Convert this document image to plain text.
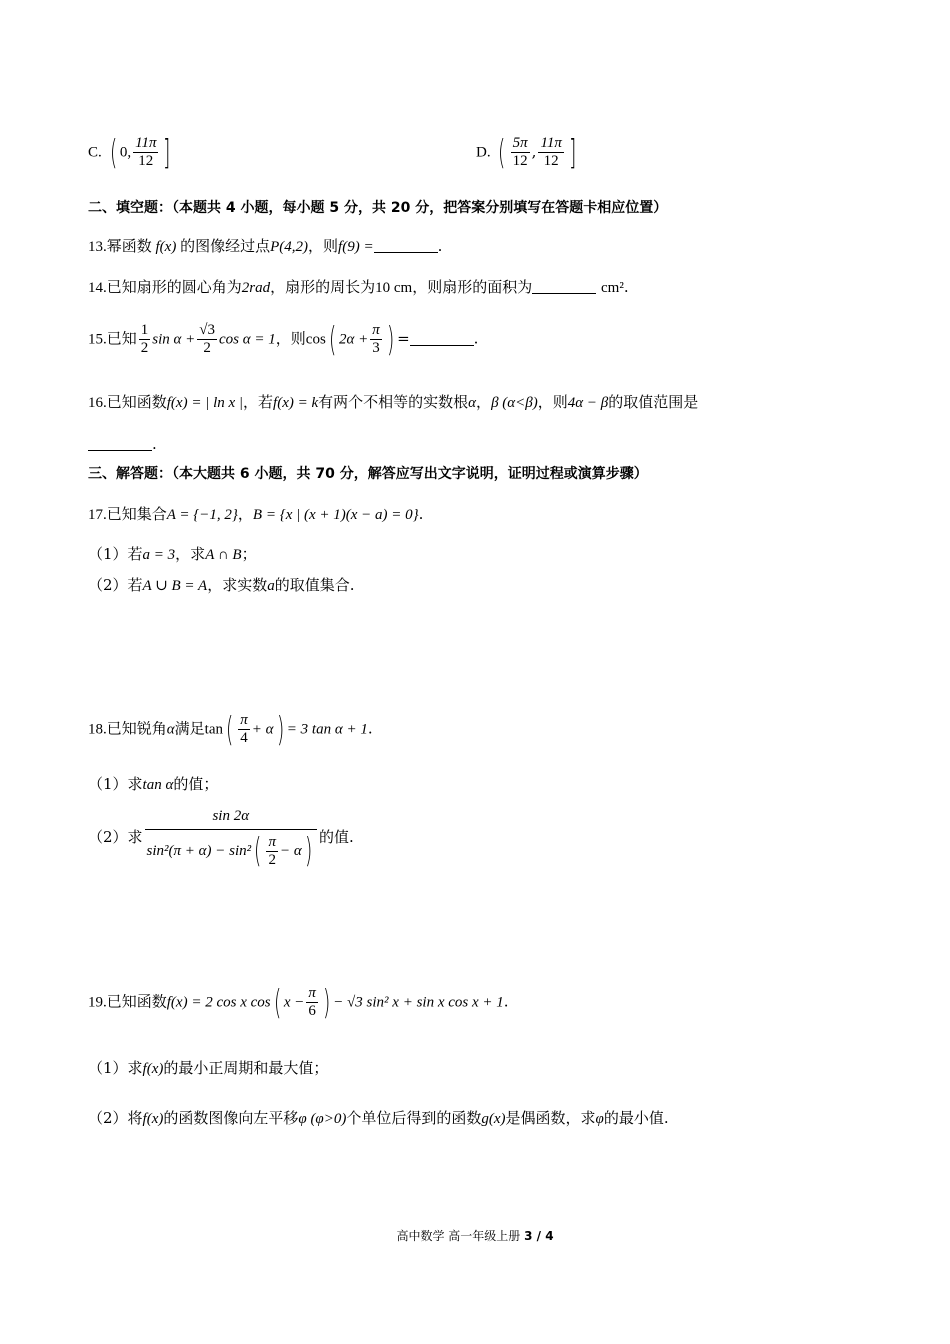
C. ( 0, $\frac{11\pi}{12}$ ]	D. ( $\frac{5\pi}{12}$ , $\frac{11\pi}{12}$ ]
二、填空题：（本题共 4 小题，每小题 5 分，共 20 分，把答案分别填写在答题卡相应位置）
13.幂函数 f(x) 的图像经过点P(4,2)，则f(9) =	.
14.已知扇形的圆心角为2rad，扇形的周长为10 cm，则扇形的面积为	cm².
15.已知 $\frac{1}{2}$ $\sin \alpha + \frac{√3}{2}$ cos α = 1，则cos( $2\alpha + \frac{\pi}{3}$ ) =	.
16.已知函数f(x) = | ln x |，若f(x) = k有两个不相等的实数根α，β (α<β)，则4α − β的取值范围是
.
三、解答题：（本大题共 6 小题，共 70 分，解答应写出文字说明，证明过程或演算步骤）
17.已知集合A = {−1, 2}，B = {x | (x + 1)(x − a) = 0}.
（1）若a = 3，求A ∩ B；
（2）若A ∪ B = A，求实数a的取值集合.
18.已知锐角α满足$\tan( \frac{\pi}{4} + \alpha) = 3$ tan α + 1.
（1）求tan α的值；
（2）求 $\frac{\sin 2\alpha}{\sin^2(\pi + \alpha) - \sin^2( \frac{\pi}{2} - \alpha)}$ 的值.
19.已知函数f(x) = 2 cos x cos( $x - \frac{\pi}{6}$ ) − √3 sin² x + sin x cos x + 1.
（1）求f(x)的最小正周期和最大值；
（2）将f(x)的函数图像向左平移φ (φ>0)个单位后得到的函数g(x)是偶函数，求φ的最小值.
高中数学 高一年级上册 3 / 4
